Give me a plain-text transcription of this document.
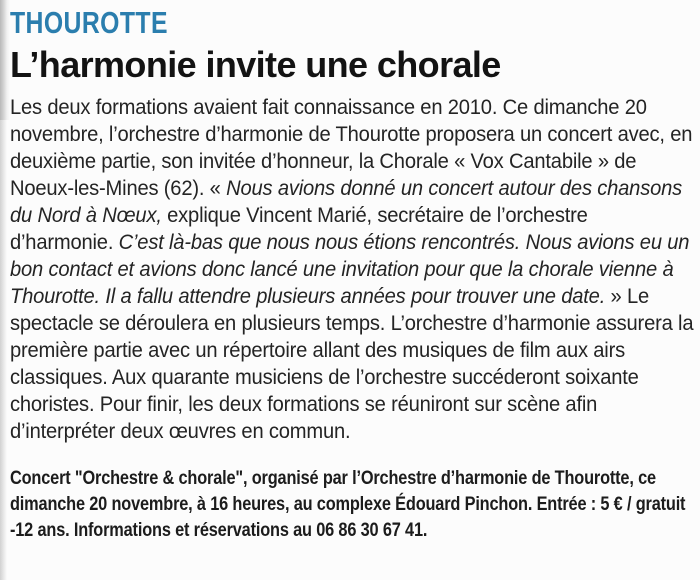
THOUROTTE
L’harmonie invite une chorale

Les deux formations avaient fait connaissance en 2010. Ce dimanche 20 novembre, l’orchestre d’harmonie de Thourotte proposera un concert avec, en deuxième partie, son invitée d’honneur, la Chorale « Vox Cantabile » de Noeux-les-Mines (62). « Nous avions donné un concert autour des chansons du Nord à Nœux, explique Vincent Marié, secrétaire de l’orchestre d’harmonie. C’est là-bas que nous nous étions rencontrés. Nous avions eu un bon contact et avions donc lancé une invitation pour que la chorale vienne à Thourotte. Il a fallu attendre plusieurs années pour trouver une date. » Le spectacle se déroulera en plusieurs temps. L’orchestre d’harmonie assurera la première partie avec un répertoire allant des musiques de film aux airs classiques. Aux quarante musiciens de l’orchestre succéderont soixante choristes. Pour finir, les deux formations se réuniront sur scène afin d’interpréter deux œuvres en commun.

Concert "Orchestre & chorale", organisé par l’Orchestre d’harmonie de Thourotte, ce dimanche 20 novembre, à 16 heures, au complexe Édouard Pinchon. Entrée : 5 € / gratuit -12 ans. Informations et réservations au 06 86 30 67 41.
